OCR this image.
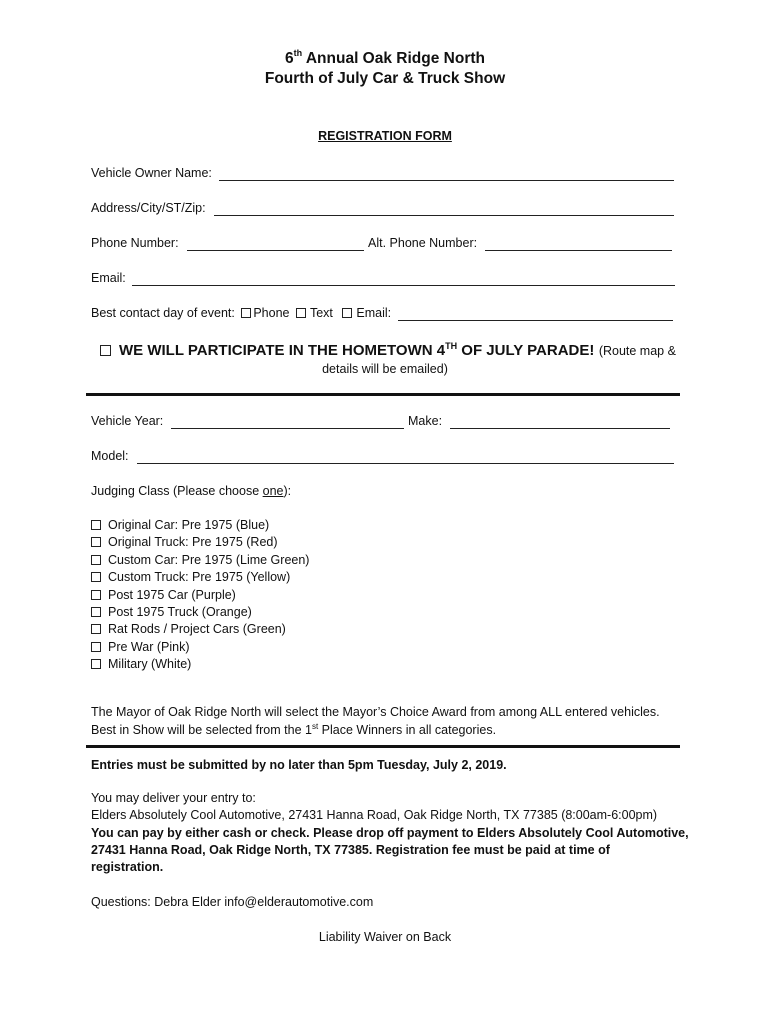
6th Annual Oak Ridge North
Fourth of July Car & Truck Show
REGISTRATION FORM
Vehicle Owner Name:
Address/City/ST/Zip:
Phone Number:	Alt. Phone Number:
Email:
Best contact day of event: Phone Text Email:
WE WILL PARTICIPATE IN THE HOMETOWN 4TH OF JULY PARADE! (Route map &
details will be emailed)
Vehicle Year:	Make:
Model:
Judging Class (Please choose one):
Original Car: Pre 1975 (Blue)
Original Truck: Pre 1975 (Red)
Custom Car: Pre 1975 (Lime Green)
Custom Truck: Pre 1975 (Yellow)
Post 1975 Car (Purple)
Post 1975 Truck (Orange)
Rat Rods / Project Cars (Green)
Pre War (Pink)
Military (White)
The Mayor of Oak Ridge North will select the Mayor’s Choice Award from among ALL entered vehicles.
Best in Show will be selected from the 1st Place Winners in all categories.
Entries must be submitted by no later than 5pm Tuesday, July 2, 2019.
You may deliver your entry to:
Elders Absolutely Cool Automotive, 27431 Hanna Road, Oak Ridge North, TX 77385 (8:00am-6:00pm)
You can pay by either cash or check. Please drop off payment to Elders Absolutely Cool Automotive,
27431 Hanna Road, Oak Ridge North, TX 77385. Registration fee must be paid at time of
registration.
Questions: Debra Elder info@elderautomotive.com
Liability Waiver on Back
